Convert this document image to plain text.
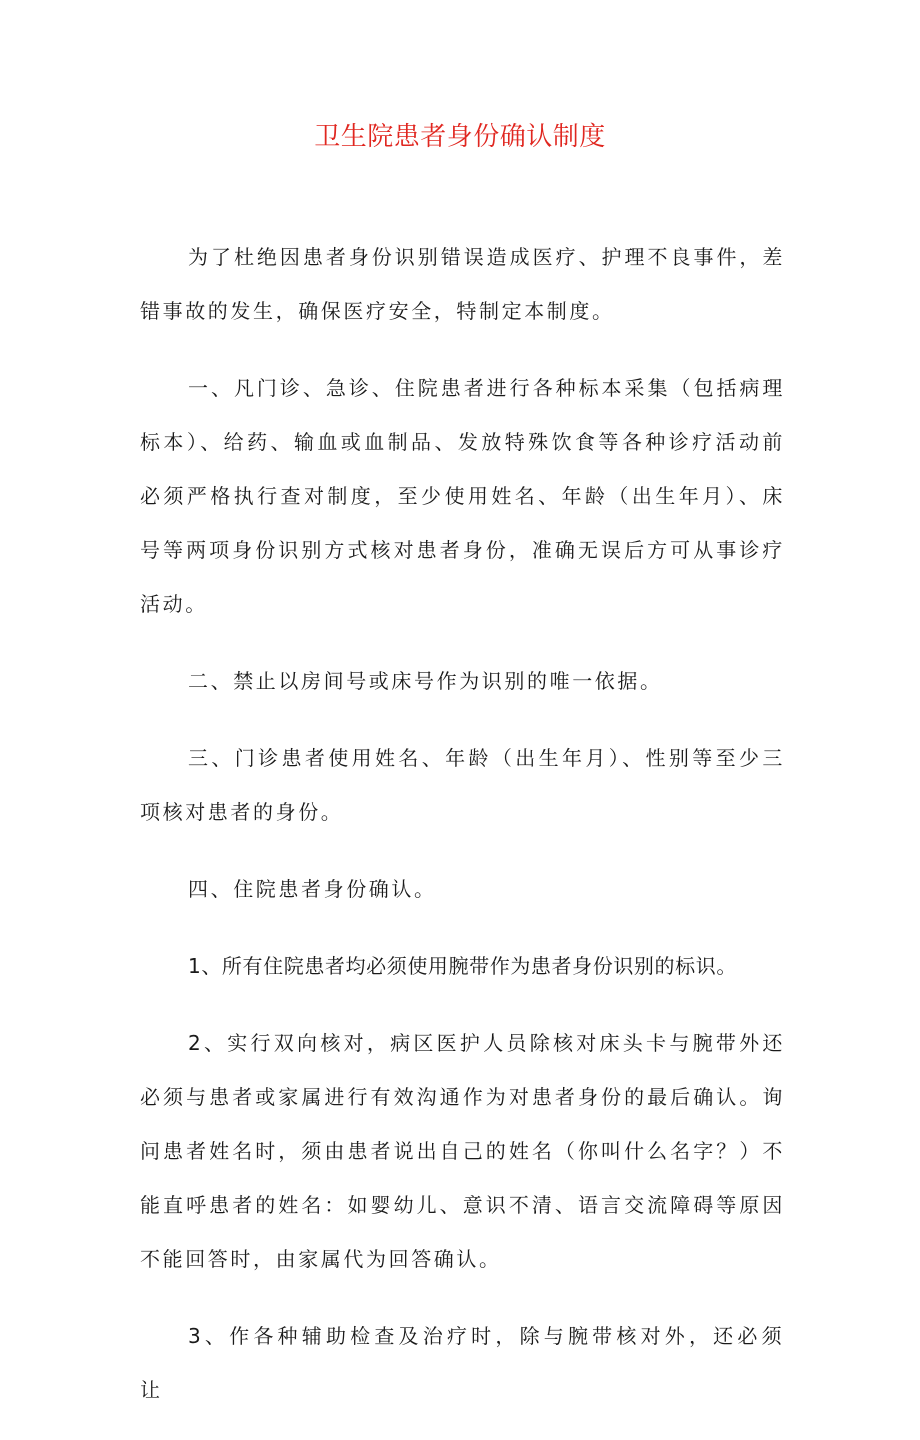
卫生院患者身份确认制度

为了杜绝因患者身份识别错误造成医疗、护理不良事件，差错事故的发生，确保医疗安全，特制定本制度。

一、凡门诊、急诊、住院患者进行各种标本采集（包括病理标本）、给药、输血或血制品、发放特殊饮食等各种诊疗活动前必须严格执行查对制度，至少使用姓名、年龄（出生年月）、床号等两项身份识别方式核对患者身份，准确无误后方可从事诊疗活动。

二、禁止以房间号或床号作为识别的唯一依据。

三、门诊患者使用姓名、年龄（出生年月）、性别等至少三项核对患者的身份。

四、住院患者身份确认。

1、所有住院患者均必须使用腕带作为患者身份识别的标识。

2、实行双向核对，病区医护人员除核对床头卡与腕带外还必须与患者或家属进行有效沟通作为对患者身份的最后确认。询问患者姓名时，须由患者说出自己的姓名（你叫什么名字？）不能直呼患者的姓名：如婴幼儿、意识不清、语言交流障碍等原因不能回答时，由家属代为回答确认。

3、作各种辅助检查及治疗时，除与腕带核对外，还必须让
